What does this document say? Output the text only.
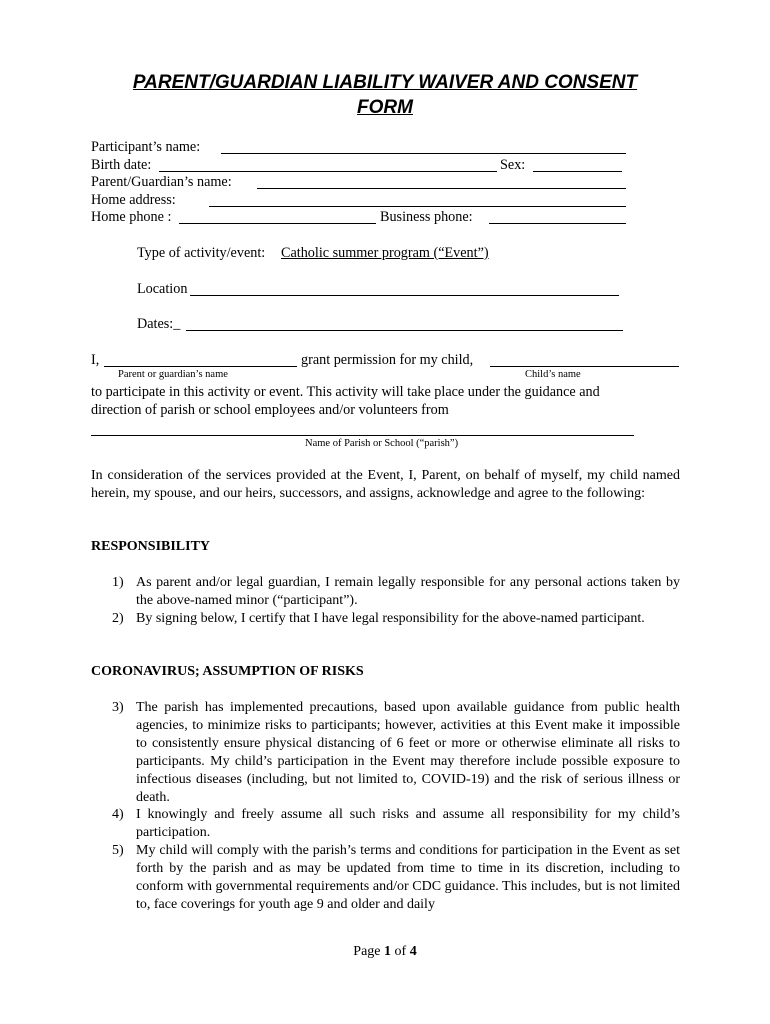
PARENT/GUARDIAN LIABILITY WAIVER AND CONSENT
FORM
Participant’s name:
Birth date:	Sex:
Parent/Guardian’s name:
Home address:
Home phone :	Business phone:
Type of activity/event: Catholic summer program (“Event”)
Location
Dates:_
I,	grant permission for my child,
Parent or guardian’s name	Child’s name
to participate in this activity or event. This activity will take place under the guidance and
direction of parish or school employees and/or volunteers from
Name of Parish or School (“parish”)
In consideration of the services provided at the Event, I, Parent, on behalf of myself, my child named herein, my spouse, and our heirs, successors, and assigns, acknowledge and agree to the following:
RESPONSIBILITY
1) As parent and/or legal guardian, I remain legally responsible for any personal actions taken by the above-named minor (“participant”).
2) By signing below, I certify that I have legal responsibility for the above-named participant.
CORONAVIRUS; ASSUMPTION OF RISKS
3) The parish has implemented precautions, based upon available guidance from public health agencies, to minimize risks to participants; however, activities at this Event make it impossible to consistently ensure physical distancing of 6 feet or more or otherwise eliminate all risks to participants. My child’s participation in the Event may therefore include possible exposure to infectious diseases (including, but not limited to, COVID-19) and the risk of serious illness or death.
4) I knowingly and freely assume all such risks and assume all responsibility for my child’s participation.
5) My child will comply with the parish’s terms and conditions for participation in the Event as set forth by the parish and as may be updated from time to time in its discretion, including to conform with governmental requirements and/or CDC guidance. This includes, but is not limited to, face coverings for youth age 9 and older and daily
Page 1 of 4
